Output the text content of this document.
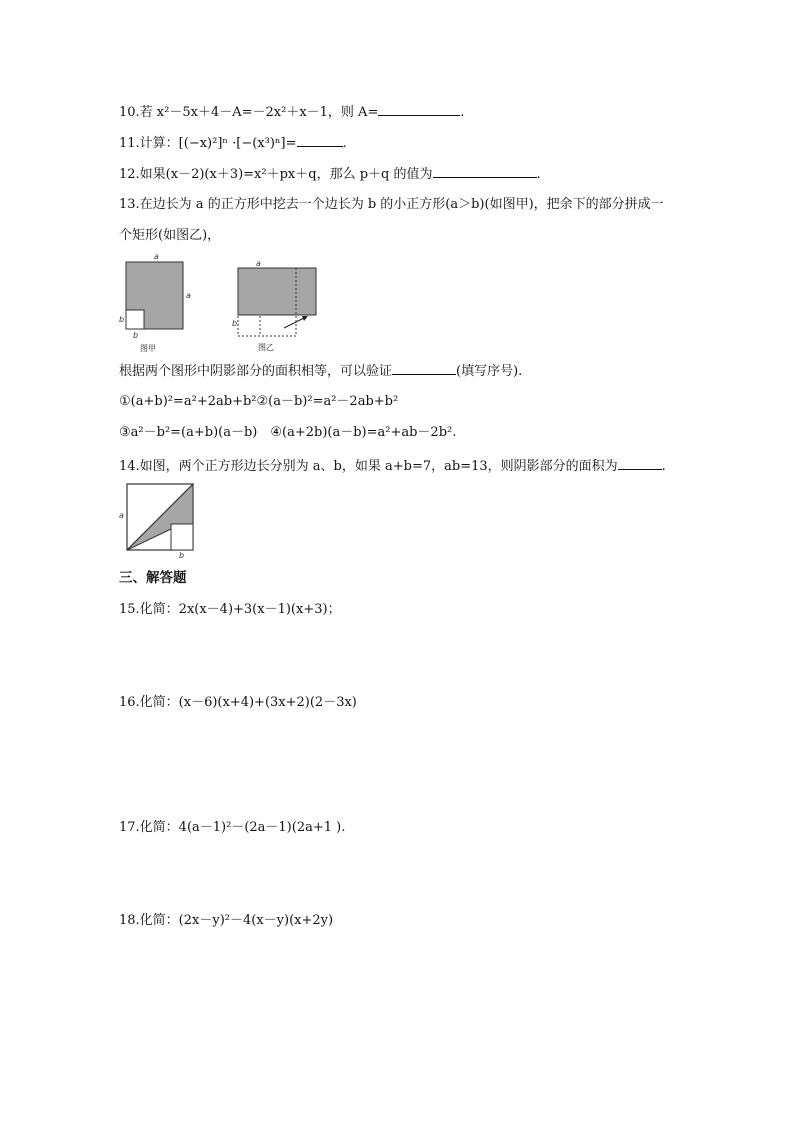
10.若 x²－5x＋4－A=－2x²＋x－1，则 A=	.
11.计算：[(−x)²]ⁿ ·[−(x³)ⁿ]=	.
12.如果(x－2)(x＋3)=x²＋px＋q，那么 p＋q 的值为	.
13.在边长为 a 的正方形中挖去一个边长为 b 的小正方形(a＞b)(如图甲)，把余下的部分拼成一
个矩形(如图乙)，
a
a
b
b
图甲
a
b
图乙
根据两个图形中阴影部分的面积相等，可以验证	(填写序号).
①(a+b)²=a²+2ab+b²②(a－b)²=a²－2ab+b²
③a²－b²=(a+b)(a－b)　④(a+2b)(a－b)=a²+ab－2b².
14.如图，两个正方形边长分别为 a、b，如果 a+b=7，ab=13，则阴影部分的面积为	.
a
b
三、解答题
15.化简：2x(x－4)+3(x－1)(x+3)；
16.化简：(x－6)(x+4)+(3x+2)(2－3x)
17.化简：4(a－1)²－(2a－1)(2a+1 ).
18.化简：(2x－y)²－4(x－y)(x+2y)
